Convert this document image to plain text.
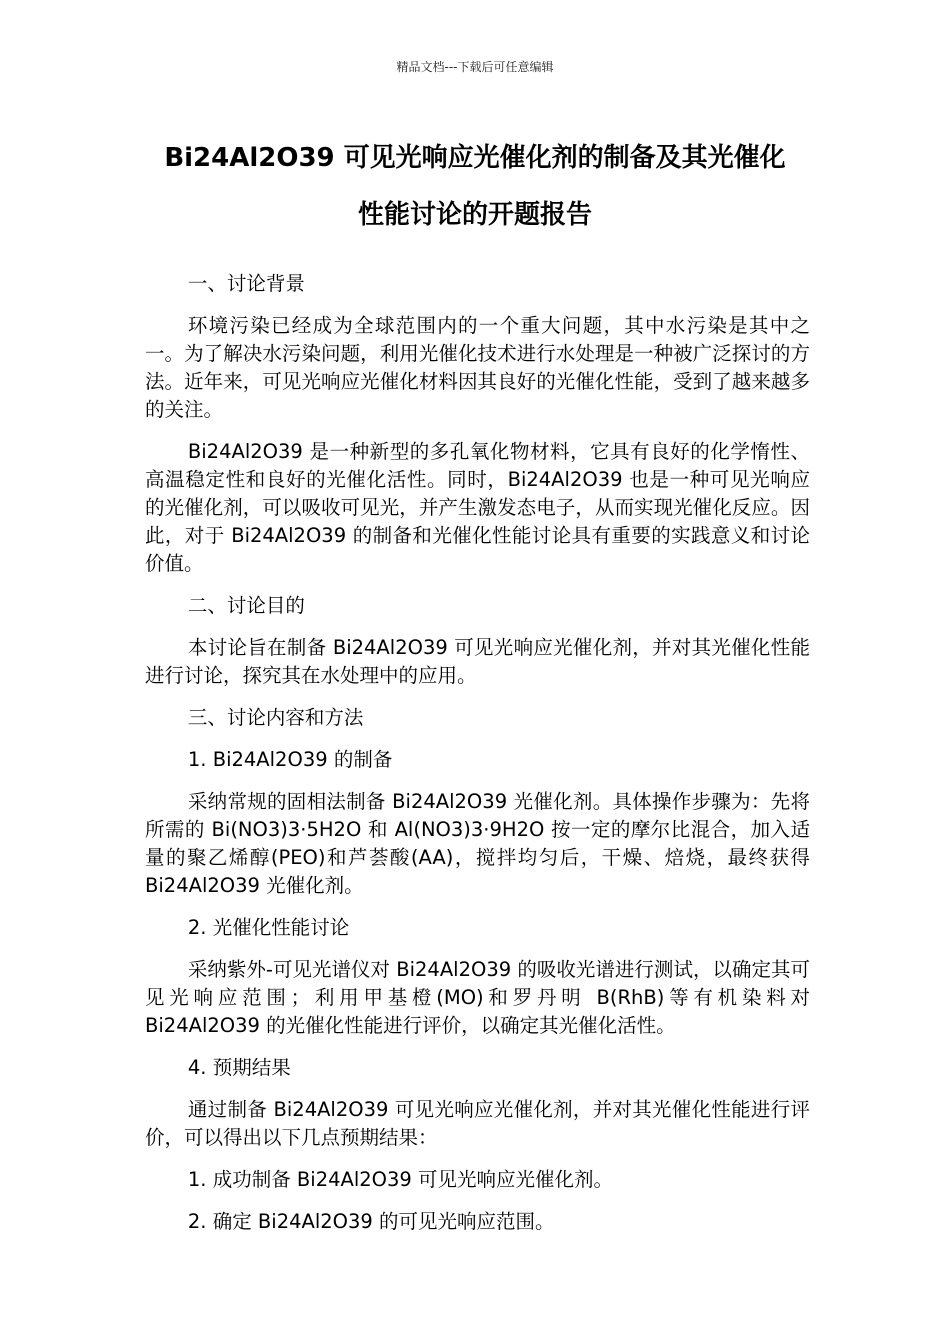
精品文档---下载后可任意编辑
Bi24Al2O39 可见光响应光催化剂的制备及其光催化
性能讨论的开题报告

一、讨论背景

环境污染已经成为全球范围内的一个重大问题，其中水污染是其中之一。为了解决水污染问题，利用光催化技术进行水处理是一种被广泛探讨的方法。近年来，可见光响应光催化材料因其良好的光催化性能，受到了越来越多的关注。

Bi24Al2O39 是一种新型的多孔氧化物材料，它具有良好的化学惰性、高温稳定性和良好的光催化活性。同时，Bi24Al2O39 也是一种可见光响应的光催化剂，可以吸收可见光，并产生激发态电子，从而实现光催化反应。因此，对于 Bi24Al2O39 的制备和光催化性能讨论具有重要的实践意义和讨论价值。

二、讨论目的

本讨论旨在制备 Bi24Al2O39 可见光响应光催化剂，并对其光催化性能进行讨论，探究其在水处理中的应用。

三、讨论内容和方法

1. Bi24Al2O39 的制备

采纳常规的固相法制备 Bi24Al2O39 光催化剂。具体操作步骤为：先将所需的 Bi(NO3)3·5H2O 和 Al(NO3)3·9H2O 按一定的摩尔比混合，加入适量的聚乙烯醇(PEO)和芦荟酸(AA)，搅拌均匀后，干燥、焙烧，最终获得 Bi24Al2O39 光催化剂。

2. 光催化性能讨论

采纳紫外-可见光谱仪对 Bi24Al2O39 的吸收光谱进行测试，以确定其可见光响应范围；利用甲基橙(MO)和罗丹明 B(RhB)等有机染料对 Bi24Al2O39 的光催化性能进行评价，以确定其光催化活性。

4. 预期结果

通过制备 Bi24Al2O39 可见光响应光催化剂，并对其光催化性能进行评价，可以得出以下几点预期结果：

1. 成功制备 Bi24Al2O39 可见光响应光催化剂。

2. 确定 Bi24Al2O39 的可见光响应范围。
